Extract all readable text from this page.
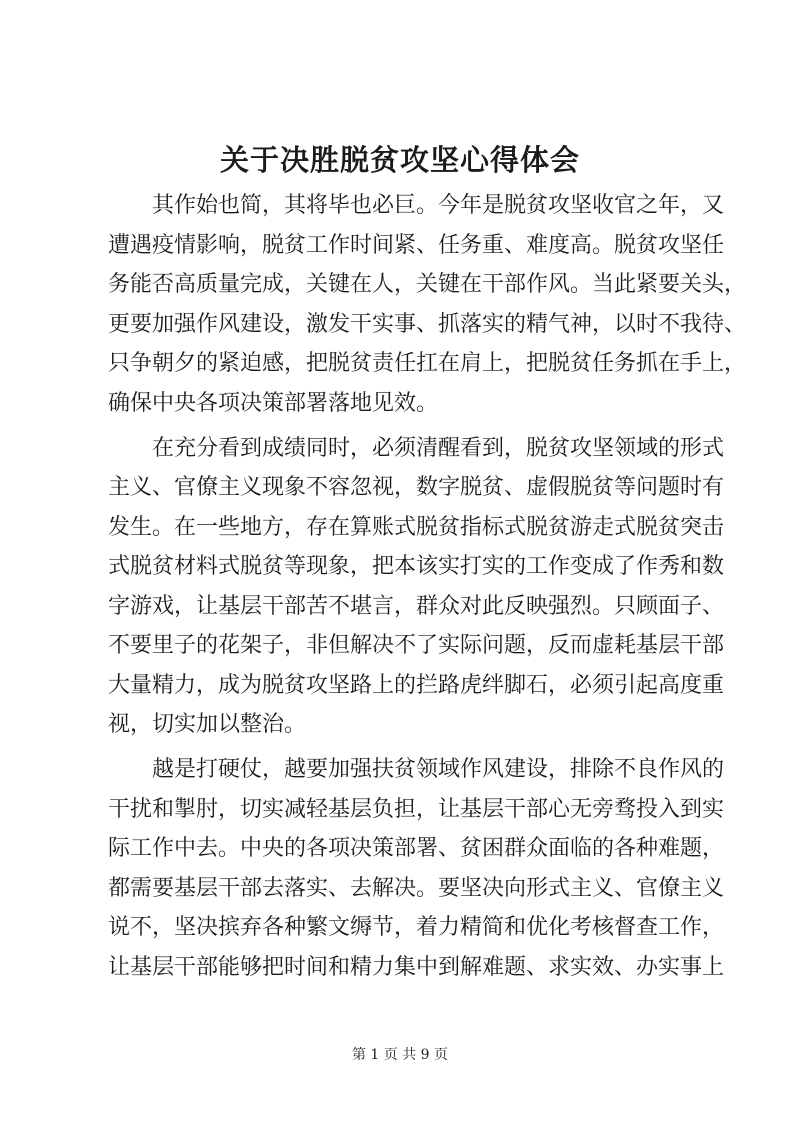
关于决胜脱贫攻坚心得体会
其作始也简，其将毕也必巨。今年是脱贫攻坚收官之年，又
遭遇疫情影响，脱贫工作时间紧、任务重、难度高。脱贫攻坚任
务能否高质量完成，关键在人，关键在干部作风。当此紧要关头，
更要加强作风建设，激发干实事、抓落实的精气神，以时不我待、
只争朝夕的紧迫感，把脱贫责任扛在肩上，把脱贫任务抓在手上，
确保中央各项决策部署落地见效。
在充分看到成绩同时，必须清醒看到，脱贫攻坚领域的形式
主义、官僚主义现象不容忽视，数字脱贫、虚假脱贫等问题时有
发生。在一些地方，存在算账式脱贫指标式脱贫游走式脱贫突击
式脱贫材料式脱贫等现象，把本该实打实的工作变成了作秀和数
字游戏，让基层干部苦不堪言，群众对此反映强烈。只顾面子、
不要里子的花架子，非但解决不了实际问题，反而虚耗基层干部
大量精力，成为脱贫攻坚路上的拦路虎绊脚石，必须引起高度重
视，切实加以整治。
越是打硬仗，越要加强扶贫领域作风建设，排除不良作风的
干扰和掣肘，切实减轻基层负担，让基层干部心无旁骛投入到实
际工作中去。中央的各项决策部署、贫困群众面临的各种难题，
都需要基层干部去落实、去解决。要坚决向形式主义、官僚主义
说不，坚决摈弃各种繁文缛节，着力精简和优化考核督查工作，
让基层干部能够把时间和精力集中到解难题、求实效、办实事上
第 1 页 共 9 页
